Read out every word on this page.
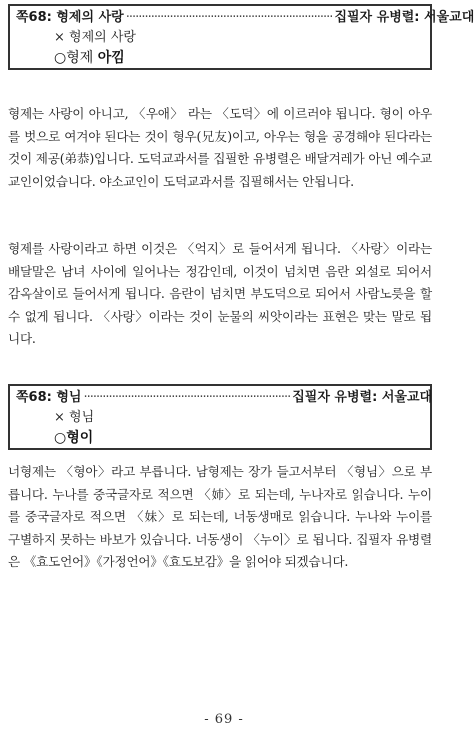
쪽68: 형제의 사랑 ·································································· 집필자 유병렬: 서울교대
× 형제의 사랑
○형제 아낌

형제는 사랑이 아니고, 〈우애〉 라는 〈도덕〉에 이르러야 됩니다. 형이 아우를 벗으로 여겨야 된다는 것이 형우(兄友)이고, 아우는 형을 공경해야 된다라는 것이 제공(弟恭)입니다. 도덕교과서를 집필한 유병렬은 배달겨레가 아닌 예수교 교인이었습니다. 야소교인이 도덕교과서를 집필해서는 안됩니다.

형제를 사랑이라고 하면 이것은 〈억지〉로 들어서게 됩니다. 〈사랑〉이라는 배달말은 남녀 사이에 일어나는 정감인데, 이것이 넘치면 음란 외설로 되어서 감옥살이로 들어서게 됩니다. 음란이 넘치면 부도덕으로 되어서 사람노릇을 할 수 없게 됩니다. 〈사랑〉이라는 것이 눈물의 씨앗이라는 표현은 맞는 말로 됩니다.

쪽68: 형님 ·································································· 집필자 유병렬: 서울교대
× 형님
○형이

너형제는 〈형아〉라고 부릅니다. 남형제는 장가 들고서부터 〈형님〉으로 부릅니다. 누나를 중국글자로 적으면 〈姉〉로 되는데, 누나자로 읽습니다. 누이를 중국글자로 적으면 〈妹〉로 되는데, 너동생매로 읽습니다. 누나와 누이를 구별하지 못하는 바보가 있습니다. 너동생이 〈누이〉로 됩니다. 집필자 유병렬은 《효도언어》《가정언어》《효도보감》을 읽어야 되겠습니다.

- 69 -
